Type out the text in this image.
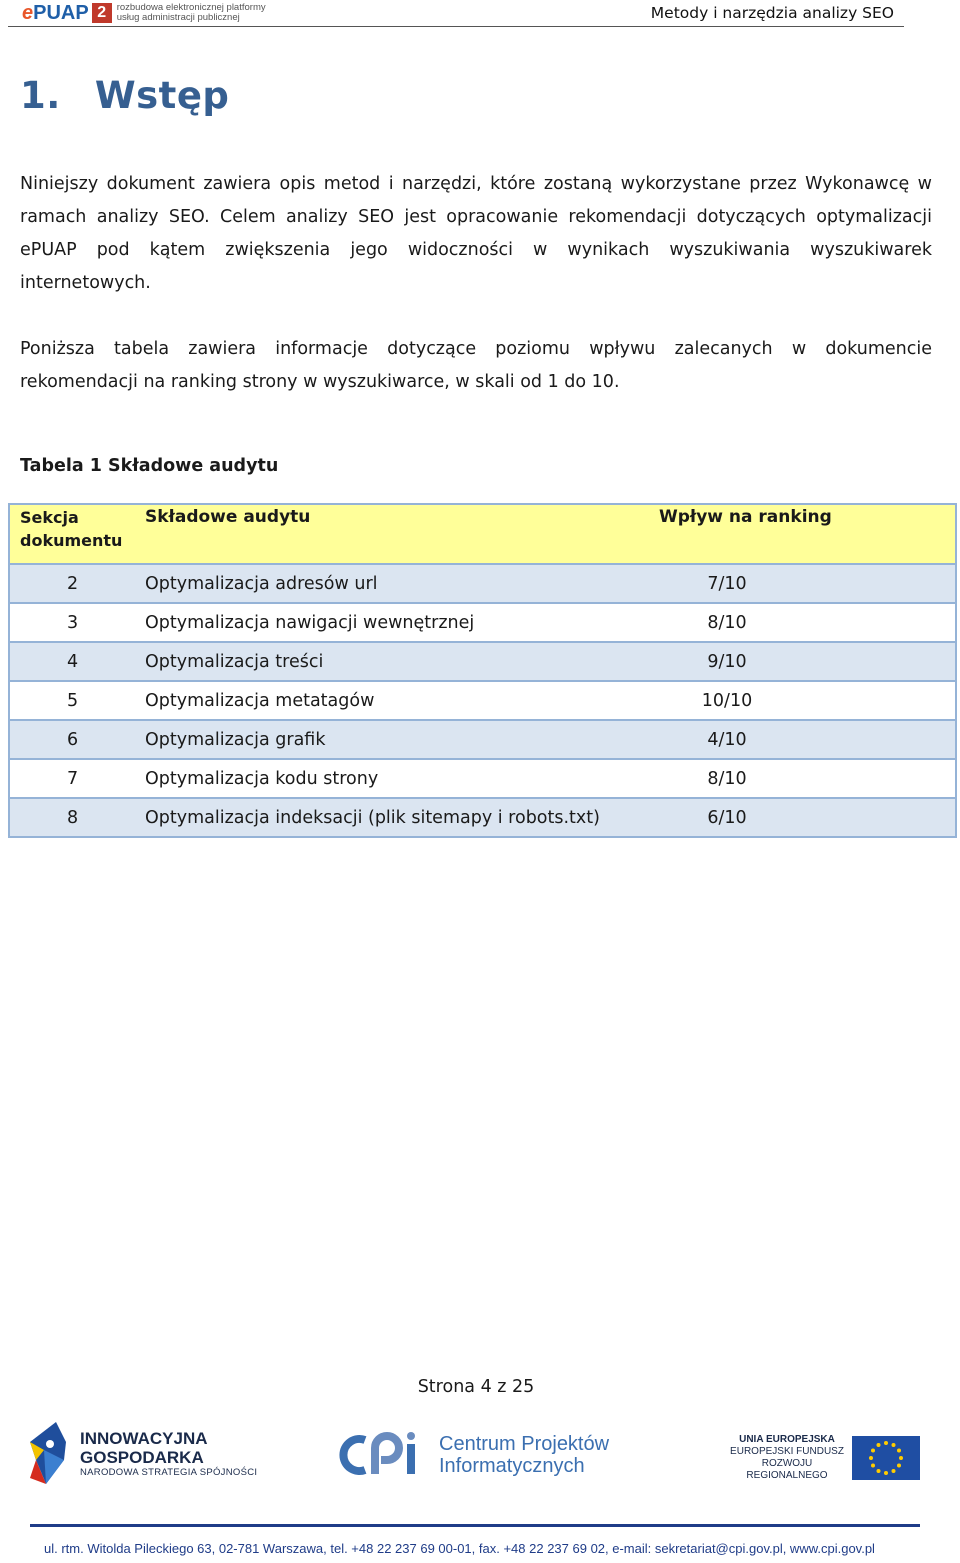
e PUAP 2	rozbudowa elektronicznej platformy
usług administracji publicznej	Metody i narzędzia analizy SEO
1. Wstęp
Niniejszy dokument zawiera opis metod i narzędzi, które zostaną wykorzystane przez Wykonawcę w ramach analizy SEO. Celem analizy SEO jest opracowanie rekomendacji dotyczących optymalizacji ePUAP pod kątem zwiększenia jego widoczności w wynikach wyszukiwania wyszukiwarek internetowych.
Poniższa tabela zawiera informacje dotyczące poziomu wpływu zalecanych w dokumencie rekomendacji na ranking strony w wyszukiwarce, w skali od 1 do 10.
Tabela 1 Składowe audytu
Sekcja dokumentu	Składowe audytu	Wpływ na ranking
2	Optymalizacja adresów url	7/10
3	Optymalizacja nawigacji wewnętrznej	8/10
4	Optymalizacja treści	9/10
5	Optymalizacja metatagów	10/10
6	Optymalizacja grafik	4/10
7	Optymalizacja kodu strony	8/10
8	Optymalizacja indeksacji (plik sitemapy i robots.txt)	6/10
Strona 4 z 25
INNOWACYJNA
GOSPODARKA
NARODOWA STRATEGIA SPÓJNOŚCI
Centrum Projektów
Informatycznych
UNIA EUROPEJSKA
EUROPEJSKI FUNDUSZ
ROZWOJU REGIONALNEGO
ul. rtm. Witolda Pileckiego 63, 02-781 Warszawa, tel. +48 22 237 69 00-01, fax. +48 22 237 69 02, e-mail: sekretariat@cpi.gov.pl, www.cpi.gov.pl
